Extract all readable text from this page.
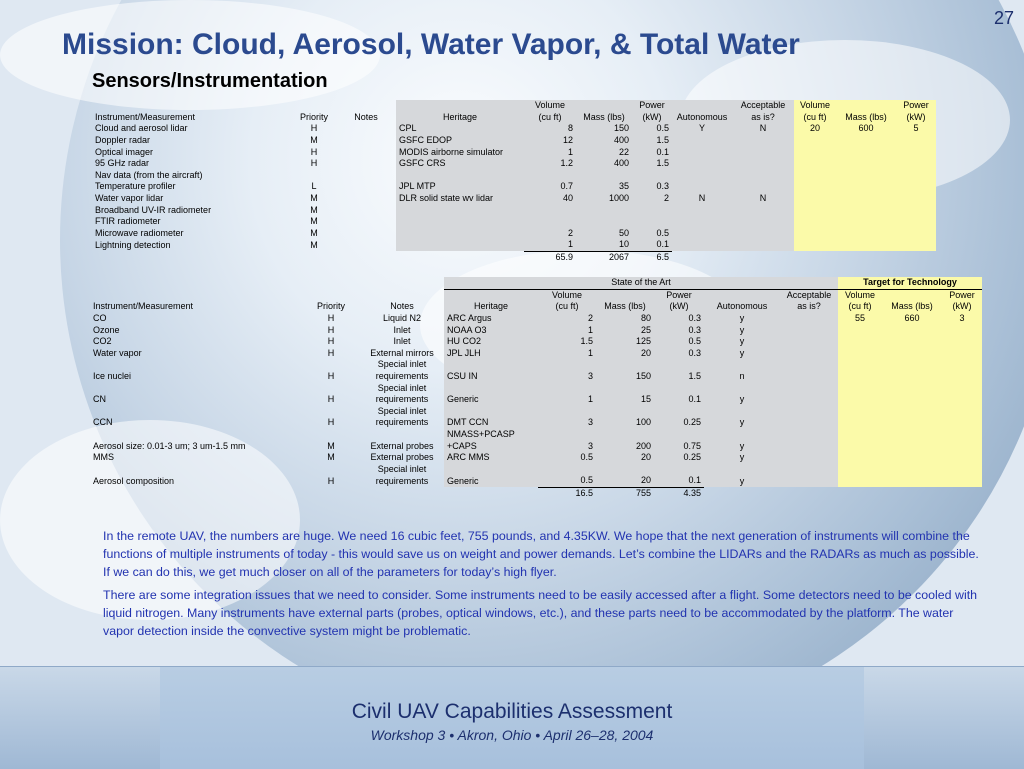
27
Mission: Cloud, Aerosol, Water Vapor, & Total Water
Sensors/Instrumentation
				Volume		Power		Acceptable	Volume		Power
Instrument/Measurement	Priority	Notes	Heritage	(cu ft)	Mass (lbs)	(kW)	Autonomous	as is?	(cu ft)	Mass (lbs)	(kW)
Cloud and aerosol lidar	H		CPL	8	150	0.5	Y	N	20	600	5
Doppler radar	M		GSFC EDOP	12	400	1.5					
Optical imager	H		MODIS airborne simulator	1	22	0.1					
95 GHz radar	H		GSFC CRS	1.2	400	1.5					
Nav data (from the aircraft)											
Temperature profiler	L		JPL MTP	0.7	35	0.3					
Water vapor lidar	M		DLR solid state wv lidar	40	1000	2	N	N			
Broadband UV-IR radiometer	M										
FTIR radiometer	M										
Microwave radiometer	M			2	50	0.5					
Lightning detection	M			1	10	0.1					
				65.9	2067	6.5					
			State of the Art						Target for Technology		
				Volume		Power		Acceptable	Volume		Power
Instrument/Measurement	Priority	Notes	Heritage	(cu ft)	Mass (lbs)	(kW)	Autonomous	as is?	(cu ft)	Mass (lbs)	(kW)
CO	H	Liquid N2	ARC Argus	2	80	0.3	y		55	660	3
Ozone	H	Inlet	NOAA O3	1	25	0.3	y				
CO2	H	Inlet	HU CO2	1.5	125	0.5	y				
Water vapor	H	External mirrors	JPL JLH	1	20	0.3	y				
		Special inlet									
Ice nuclei	H	requirements	CSU IN	3	150	1.5	n				
		Special inlet									
CN	H	requirements	Generic	1	15	0.1	y				
		Special inlet									
CCN	H	requirements	DMT CCN	3	100	0.25	y				
			NMASS+PCASP								
Aerosol size: 0.01-3 um; 3 um-1.5 mm	M	External probes	+CAPS	3	200	0.75	y				
MMS	M	External probes	ARC MMS	0.5	20	0.25	y				
		Special inlet									
Aerosol composition	H	requirements	Generic	0.5	20	0.1	y				
				16.5	755	4.35					
In the remote UAV, the numbers are huge. We need 16 cubic feet, 755 pounds, and 4.35KW. We hope that the next generation of instruments will combine the functions of multiple instruments of today - this would save us on weight and power demands. Let’s combine the LIDARs and the RADARs as much as possible. If we can do this, we get much closer on all of the parameters for today’s high flyer.
There are some integration issues that we need to consider. Some instruments need to be easily accessed after a flight. Some detectors need to be cooled with liquid nitrogen. Many instruments have external parts (probes, optical windows, etc.), and these parts need to be accommodated by the platform. The water vapor detection inside the convective system might be problematic.
Civil UAV Capabilities Assessment
Workshop 3 • Akron, Ohio • April 26–28, 2004
